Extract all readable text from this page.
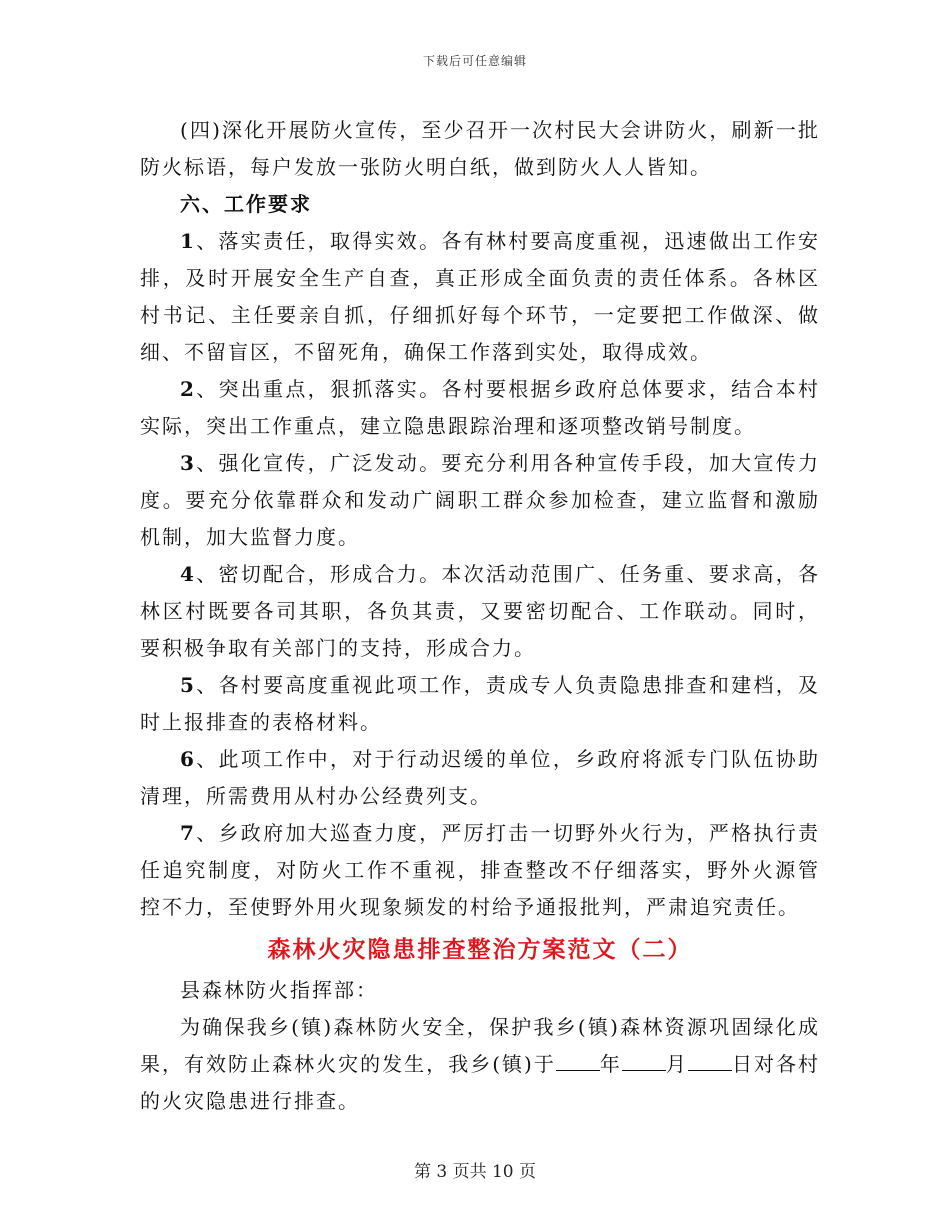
下载后可任意编辑

(四)深化开展防火宣传，至少召开一次村民大会讲防火，刷新一批防火标语，每户发放一张防火明白纸，做到防火人人皆知。

六、工作要求

1、落实责任，取得实效。各有林村要高度重视，迅速做出工作安排，及时开展安全生产自查，真正形成全面负责的责任体系。各林区村书记、主任要亲自抓，仔细抓好每个环节，一定要把工作做深、做细、不留盲区，不留死角，确保工作落到实处，取得成效。

2、突出重点，狠抓落实。各村要根据乡政府总体要求，结合本村实际，突出工作重点，建立隐患跟踪治理和逐项整改销号制度。

3、强化宣传，广泛发动。要充分利用各种宣传手段，加大宣传力度。要充分依靠群众和发动广阔职工群众参加检查，建立监督和激励机制，加大监督力度。

4、密切配合，形成合力。本次活动范围广、任务重、要求高，各林区村既要各司其职，各负其责，又要密切配合、工作联动。同时，要积极争取有关部门的支持，形成合力。

5、各村要高度重视此项工作，责成专人负责隐患排查和建档，及时上报排查的表格材料。

6、此项工作中，对于行动迟缓的单位，乡政府将派专门队伍协助清理，所需费用从村办公经费列支。

7、乡政府加大巡查力度，严厉打击一切野外火行为，严格执行责任追究制度，对防火工作不重视，排查整改不仔细落实，野外火源管控不力，至使野外用火现象频发的村给予通报批判，严肃追究责任。

森林火灾隐患排查整治方案范文（二）

县森林防火指挥部：

为确保我乡(镇)森林防火安全，保护我乡(镇)森林资源巩固绿化成果，有效防止森林火灾的发生，我乡(镇)于 年 月 日对各村的火灾隐患进行排查。

第 3 页共 10 页
